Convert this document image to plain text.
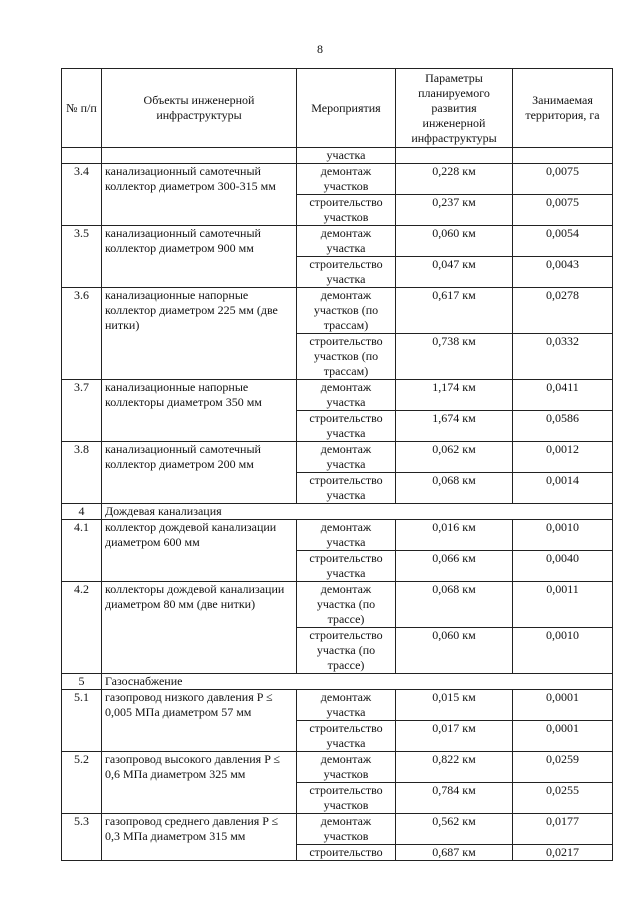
8
№ п/п	Объекты инженерной инфраструктуры	Мероприятия	Параметры планируемого развития инженерной инфраструктуры	Занимаемая территория, га
		участка		
3.4	канализационный самотечный коллектор диаметром 300-315 мм	демонтаж участков	0,228 км	0,0075
		строительство участков	0,237 км	0,0075
3.5	канализационный самотечный коллектор диаметром 900 мм	демонтаж участка	0,060 км	0,0054
		строительство участка	0,047 км	0,0043
3.6	канализационные напорные коллектор диаметром 225 мм (две нитки)	демонтаж участков (по трассам)	0,617 км	0,0278
		строительство участков (по трассам)	0,738 км	0,0332
3.7	канализационные напорные коллекторы диаметром 350 мм	демонтаж участка	1,174 км	0,0411
		строительство участка	1,674 км	0,0586
3.8	канализационный самотечный коллектор диаметром 200 мм	демонтаж участка	0,062 км	0,0012
		строительство участка	0,068 км	0,0014
4	Дождевая канализация			
4.1	коллектор дождевой канализации диаметром 600 мм	демонтаж участка	0,016 км	0,0010
		строительство участка	0,066 км	0,0040
4.2	коллекторы дождевой канализации диаметром 80 мм (две нитки)	демонтаж участка (по трассе)	0,068 км	0,0011
		строительство участка (по трассе)	0,060 км	0,0010
5	Газоснабжение			
5.1	газопровод низкого давления P ≤ 0,005 МПа диаметром 57 мм	демонтаж участка	0,015 км	0,0001
		строительство участка	0,017 км	0,0001
5.2	газопровод высокого давления P ≤ 0,6 МПа диаметром 325 мм	демонтаж участков	0,822 км	0,0259
		строительство участков	0,784 км	0,0255
5.3	газопровод среднего давления P ≤ 0,3 МПа диаметром 315 мм	демонтаж участков	0,562 км	0,0177
		строительство	0,687 км	0,0217
